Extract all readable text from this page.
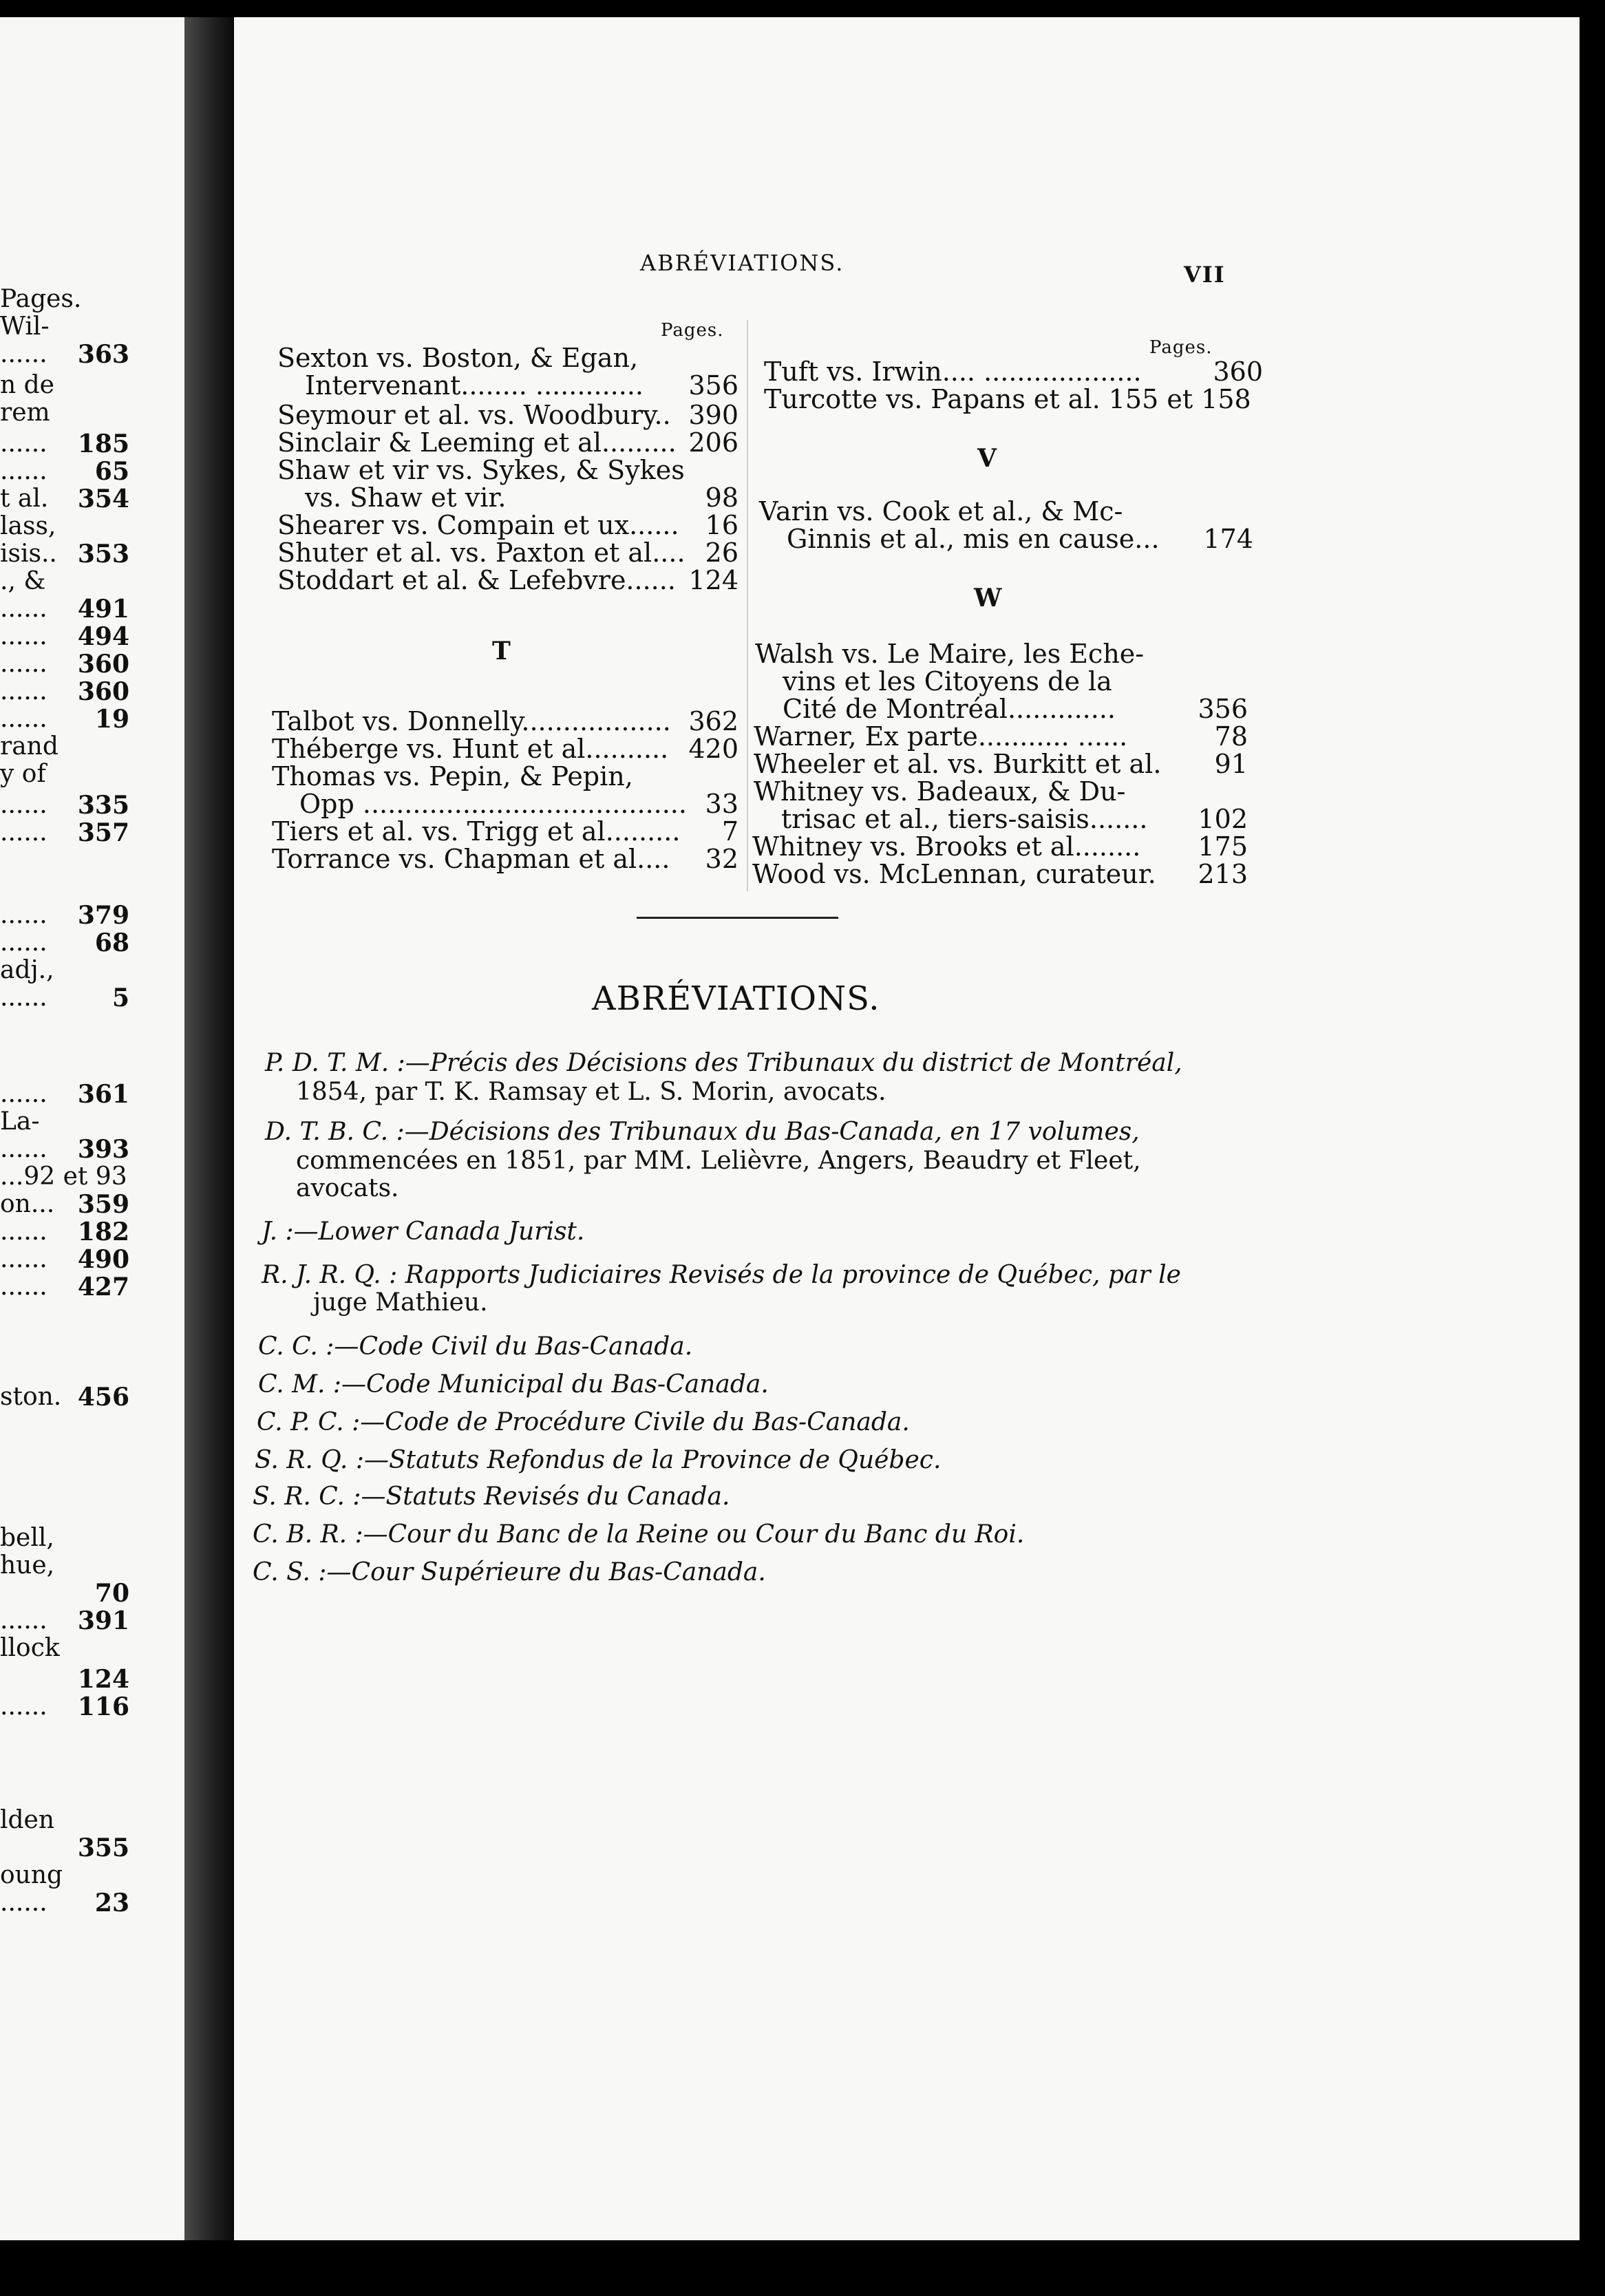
Pages.
Wil-
...... 363
n de
rem
...... 185
...... 65
t al. 354
lass,
isis.. 353
., &
...... 491
...... 494
...... 360
...... 360
...... 19
rand
y of
...... 335
...... 357
...... 379
...... 68
adj.,
......	5
...... 361
La-
...... 393
...92 et 93
on... 359
...... 182
...... 490
...... 427
ston. 456
bell,
hue,
70
...... 391
llock
124
...... 116
lden
355
oung
...... 23
ABRÉVIATIONS.	VII
Pages.
Sexton vs. Boston, & Egan,
Intervenant........ .............	356
Seymour et al. vs. Woodbury.. 390
Sinclair & Leeming et al......... 206
Shaw et vir vs. Sykes, & Sykes
vs. Shaw et vir.	98
Shearer vs. Compain et ux...... 16
Shuter et al. vs. Paxton et al.... 26
Stoddart et al. & Lefebvre...... 124
T
Talbot vs. Donnelly.................. 362
Théberge vs. Hunt et al.......... 420
Thomas vs. Pepin, & Pepin,
Opp ....................................... 33
Tiers et al. vs. Trigg et al......... 7
Torrance vs. Chapman et al.... 32
Pages.
Tuft vs. Irwin.... ...................	360
Turcotte vs. Papans et al. 155 et 158
V
Varin vs. Cook et al., & Mc-
Ginnis et al., mis en cause...	174
W
Walsh vs. Le Maire, les Eche-
vins et les Citoyens de la
Cité de Montréal.............	356
Warner, Ex parte........... ......	78
Wheeler et al. vs. Burkitt et al. 91
Whitney vs. Badeaux, & Du-
trisac et al., tiers-saisis.......	102
Whitney vs. Brooks et al........ 175
Wood vs. McLennan, curateur. 213
ABRÉVIATIONS.
P. D. T. M. :—Précis des Décisions des Tribunaux du district de Montréal,
1854, par T. K. Ramsay et L. S. Morin, avocats.
D. T. B. C. :—Décisions des Tribunaux du Bas-Canada, en 17 volumes,
commencées en 1851, par MM. Lelièvre, Angers, Beaudry et Fleet,
avocats.
J. :—Lower Canada Jurist.
R. J. R. Q. : Rapports Judiciaires Revisés de la province de Québec, par le
juge Mathieu.
C. C. :—Code Civil du Bas-Canada.
C. M. :—Code Municipal du Bas-Canada.
C. P. C. :—Code de Procédure Civile du Bas-Canada.
S. R. Q. :—Statuts Refondus de la Province de Québec.
S. R. C. :—Statuts Revisés du Canada.
C. B. R. :—Cour du Banc de la Reine ou Cour du Banc du Roi.
C. S. :—Cour Supérieure du Bas-Canada.
